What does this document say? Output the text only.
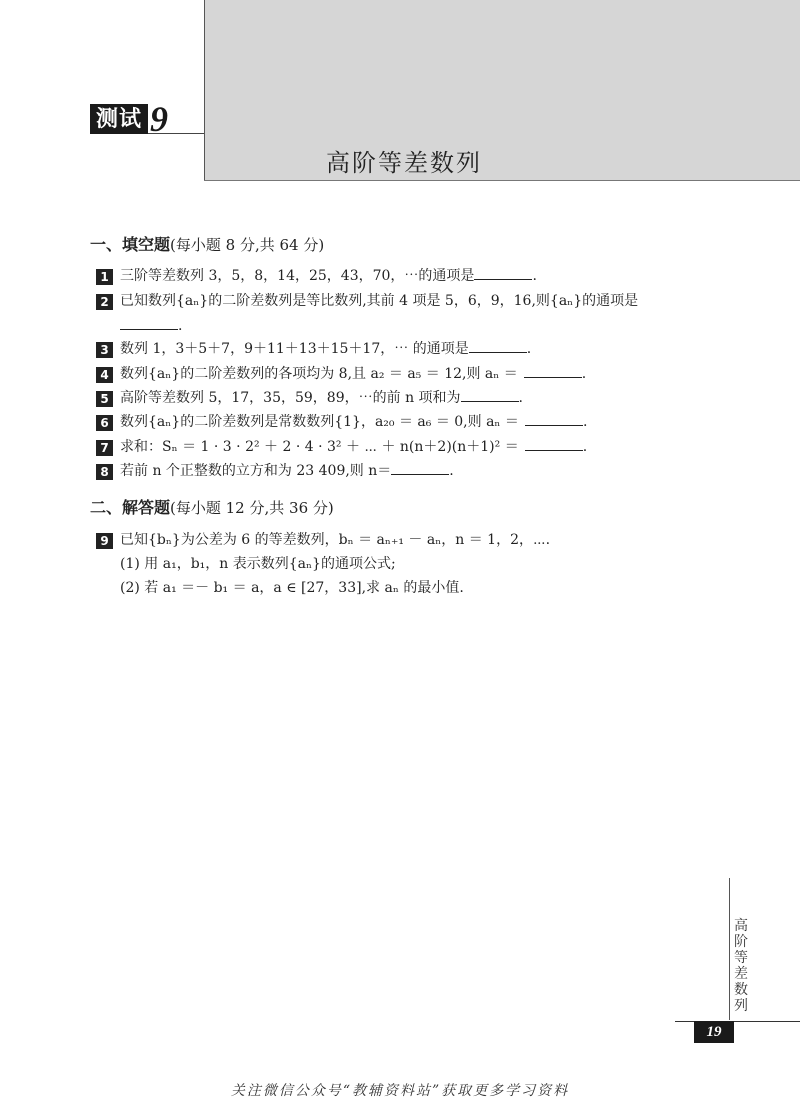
测试 9
高阶等差数列
一、填空题(每小题 8 分,共 64 分)
1 三阶等差数列 3，5，8，14，25，43，70，⋯的通项是	.
2 已知数列{aₙ}的二阶差数列是等比数列,其前 4 项是 5，6，9，16,则{aₙ}的通项是
.
3 数列 1，3＋5＋7，9＋11＋13＋15＋17，⋯ 的通项是	.
4 数列{aₙ}的二阶差数列的各项均为 8,且 a₂ ＝ a₅ ＝ 12,则 aₙ ＝	.
5 高阶等差数列 5，17，35，59，89，⋯的前 n 项和为	.
6 数列{aₙ}的二阶差数列是常数数列{1}，a₂₀ ＝ a₆ ＝ 0,则 aₙ ＝	.
7 求和：Sₙ ＝ 1 · 3 · 2² ＋ 2 · 4 · 3² ＋ ⋯ ＋ n(n＋2)(n＋1)² ＝	.
8 若前 n 个正整数的立方和为 23 409,则 n＝	.
二、解答题(每小题 12 分,共 36 分)
9 已知{bₙ}为公差为 6 的等差数列，bₙ ＝ aₙ₊₁ － aₙ，n ＝ 1，2，⋯.
(1) 用 a₁，b₁，n 表示数列{aₙ}的通项公式;
(2) 若 a₁ ＝－ b₁ ＝ a，a ∈ [27，33],求 aₙ 的最小值.
高阶等差数列
19
关注微信公众号“教辅资料站”获取更多学习资料
